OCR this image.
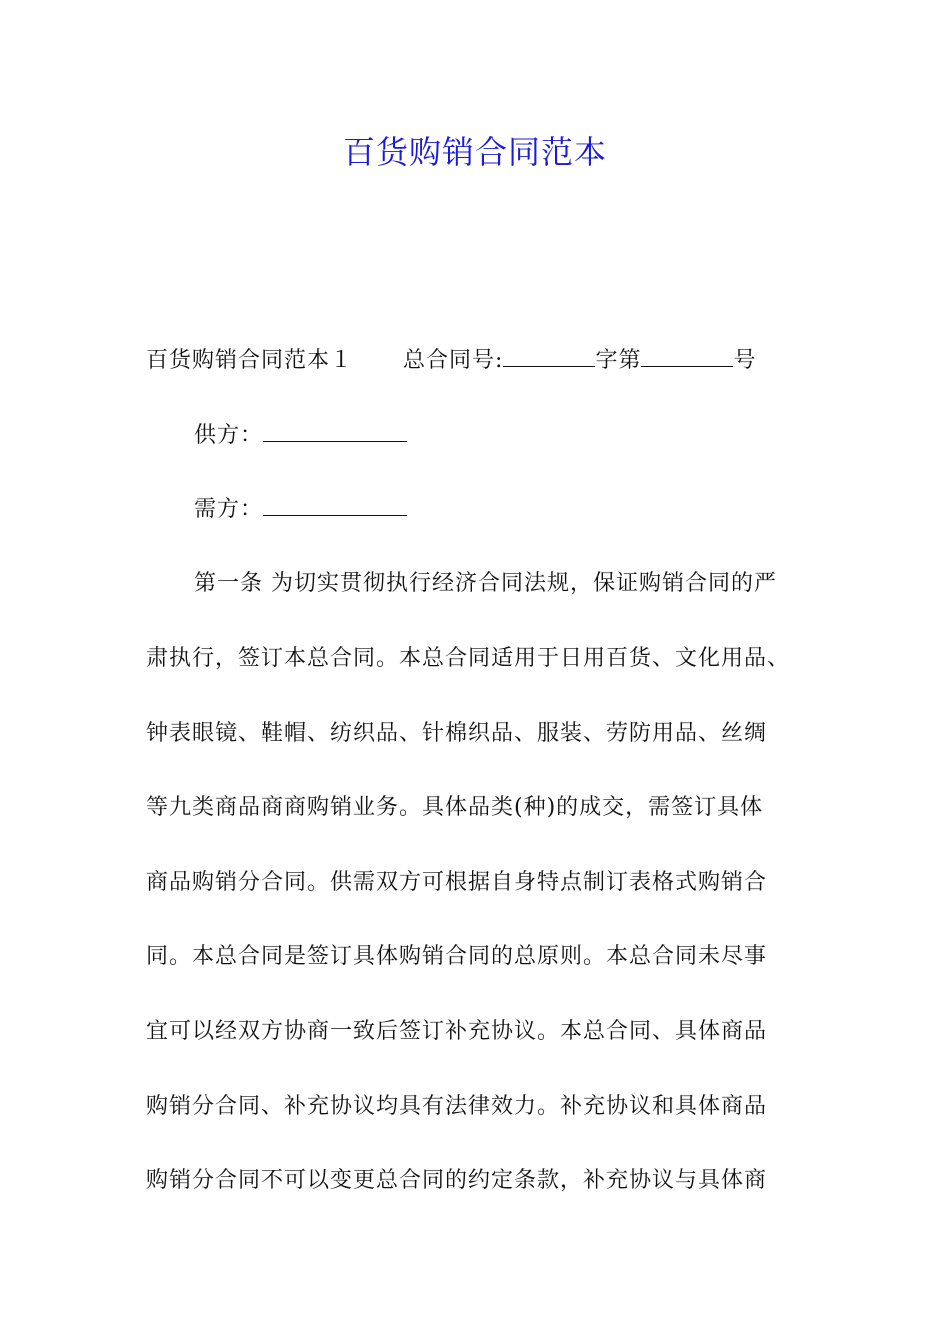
百货购销合同范本
百货购销合同范本１ 总合同号:	字第	号
供方：
需方：
第一条 为切实贯彻执行经济合同法规，保证购销合同的严
肃执行，签订本总合同。本总合同适用于日用百货、文化用品、
钟表眼镜、鞋帽、纺织品、针棉织品、服装、劳防用品、丝绸
等九类商品商商购销业务。具体品类(种)的成交，需签订具体
商品购销分合同。供需双方可根据自身特点制订表格式购销合
同。本总合同是签订具体购销合同的总原则。本总合同未尽事
宜可以经双方协商一致后签订补充协议。本总合同、具体商品
购销分合同、补充协议均具有法律效力。补充协议和具体商品
购销分合同不可以变更总合同的约定条款，补充协议与具体商
